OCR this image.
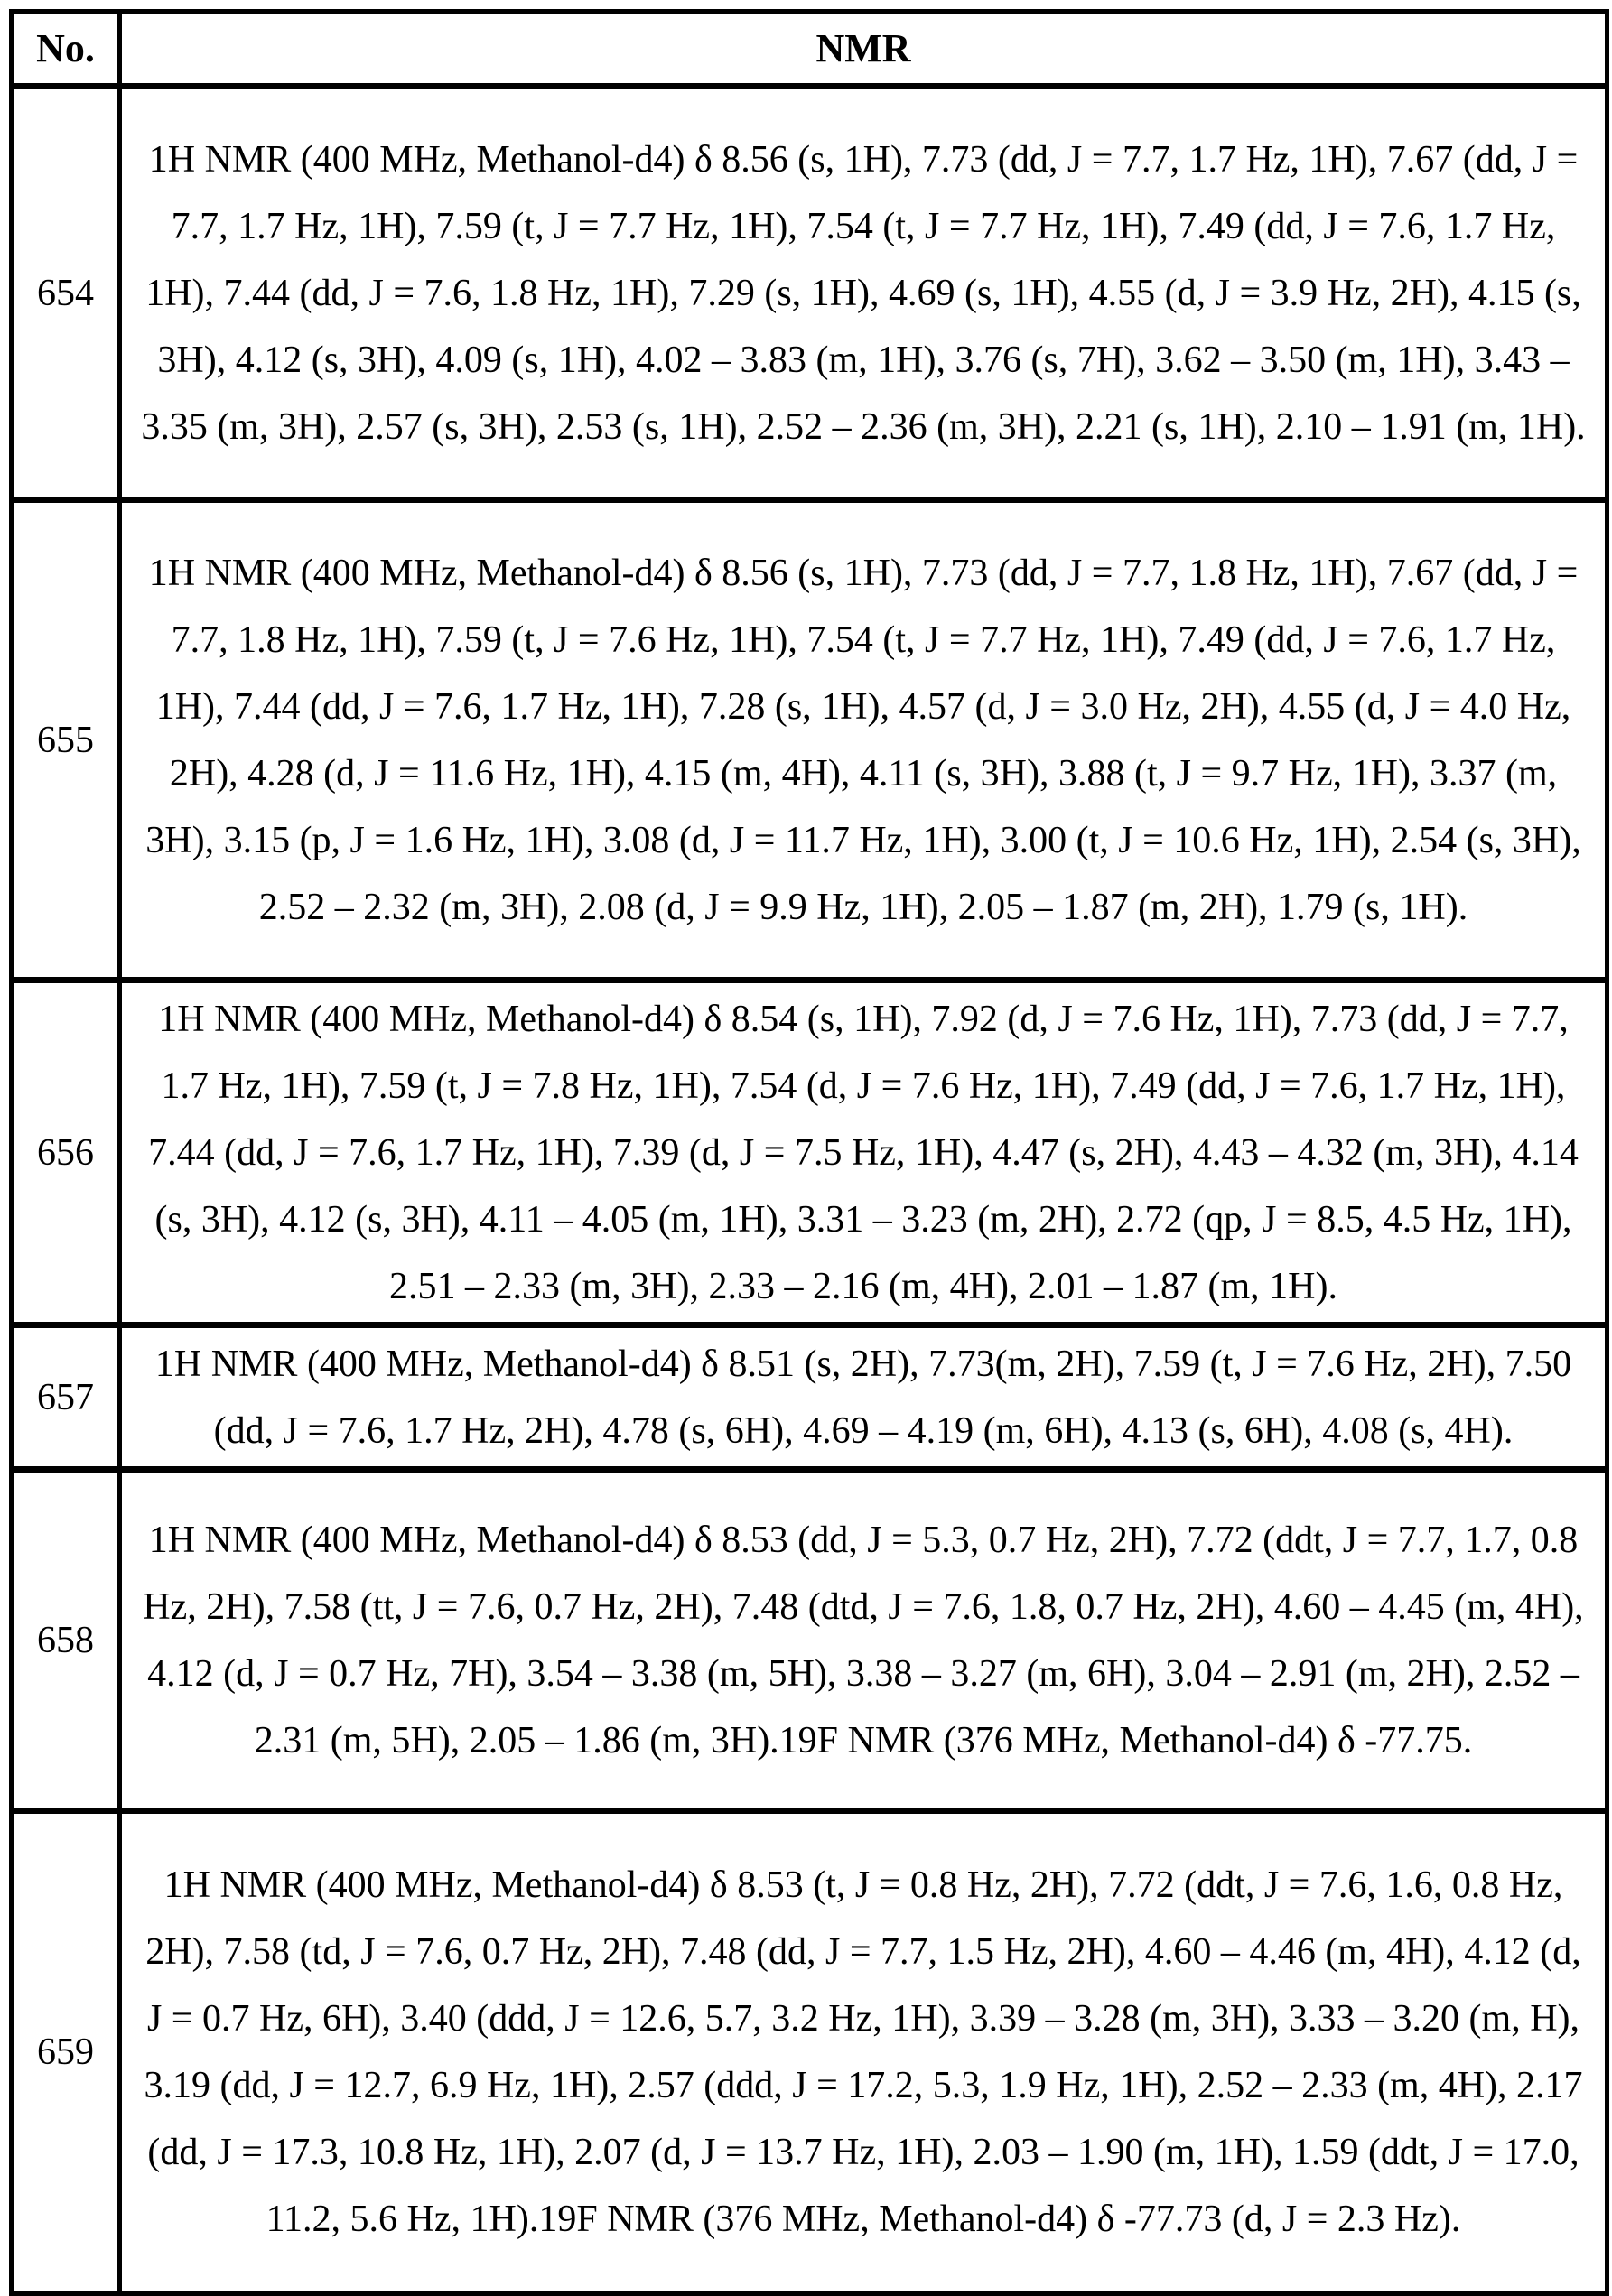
No.	NMR
654	1H NMR (400 MHz, Methanol-d4) δ 8.56 (s, 1H), 7.73 (dd, J = 7.7, 1.7 Hz, 1H), 7.67 (dd, J = 7.7, 1.7 Hz, 1H), 7.59 (t, J = 7.7 Hz, 1H), 7.54 (t, J = 7.7 Hz, 1H), 7.49 (dd, J = 7.6, 1.7 Hz, 1H), 7.44 (dd, J = 7.6, 1.8 Hz, 1H), 7.29 (s, 1H), 4.69 (s, 1H), 4.55 (d, J = 3.9 Hz, 2H), 4.15 (s, 3H), 4.12 (s, 3H), 4.09 (s, 1H), 4.02 – 3.83 (m, 1H), 3.76 (s, 7H), 3.62 – 3.50 (m, 1H), 3.43 – 3.35 (m, 3H), 2.57 (s, 3H), 2.53 (s, 1H), 2.52 – 2.36 (m, 3H), 2.21 (s, 1H), 2.10 – 1.91 (m, 1H).
655	1H NMR (400 MHz, Methanol-d4) δ 8.56 (s, 1H), 7.73 (dd, J = 7.7, 1.8 Hz, 1H), 7.67 (dd, J = 7.7, 1.8 Hz, 1H), 7.59 (t, J = 7.6 Hz, 1H), 7.54 (t, J = 7.7 Hz, 1H), 7.49 (dd, J = 7.6, 1.7 Hz, 1H), 7.44 (dd, J = 7.6, 1.7 Hz, 1H), 7.28 (s, 1H), 4.57 (d, J = 3.0 Hz, 2H), 4.55 (d, J = 4.0 Hz, 2H), 4.28 (d, J = 11.6 Hz, 1H), 4.15 (m, 4H), 4.11 (s, 3H), 3.88 (t, J = 9.7 Hz, 1H), 3.37 (m, 3H), 3.15 (p, J = 1.6 Hz, 1H), 3.08 (d, J = 11.7 Hz, 1H), 3.00 (t, J = 10.6 Hz, 1H), 2.54 (s, 3H), 2.52 – 2.32 (m, 3H), 2.08 (d, J = 9.9 Hz, 1H), 2.05 – 1.87 (m, 2H), 1.79 (s, 1H).
656	1H NMR (400 MHz, Methanol-d4) δ 8.54 (s, 1H), 7.92 (d, J = 7.6 Hz, 1H), 7.73 (dd, J = 7.7, 1.7 Hz, 1H), 7.59 (t, J = 7.8 Hz, 1H), 7.54 (d, J = 7.6 Hz, 1H), 7.49 (dd, J = 7.6, 1.7 Hz, 1H), 7.44 (dd, J = 7.6, 1.7 Hz, 1H), 7.39 (d, J = 7.5 Hz, 1H), 4.47 (s, 2H), 4.43 – 4.32 (m, 3H), 4.14 (s, 3H), 4.12 (s, 3H), 4.11 – 4.05 (m, 1H), 3.31 – 3.23 (m, 2H), 2.72 (qp, J = 8.5, 4.5 Hz, 1H), 2.51 – 2.33 (m, 3H), 2.33 – 2.16 (m, 4H), 2.01 – 1.87 (m, 1H).
657	1H NMR (400 MHz, Methanol-d4) δ 8.51 (s, 2H), 7.73(m, 2H), 7.59 (t, J = 7.6 Hz, 2H), 7.50 (dd, J = 7.6, 1.7 Hz, 2H), 4.78 (s, 6H), 4.69 – 4.19 (m, 6H), 4.13 (s, 6H), 4.08 (s, 4H).
658	1H NMR (400 MHz, Methanol-d4) δ 8.53 (dd, J = 5.3, 0.7 Hz, 2H), 7.72 (ddt, J = 7.7, 1.7, 0.8 Hz, 2H), 7.58 (tt, J = 7.6, 0.7 Hz, 2H), 7.48 (dtd, J = 7.6, 1.8, 0.7 Hz, 2H), 4.60 – 4.45 (m, 4H), 4.12 (d, J = 0.7 Hz, 7H), 3.54 – 3.38 (m, 5H), 3.38 – 3.27 (m, 6H), 3.04 – 2.91 (m, 2H), 2.52 – 2.31 (m, 5H), 2.05 – 1.86 (m, 3H).19F NMR (376 MHz, Methanol-d4) δ -77.75.
659	1H NMR (400 MHz, Methanol-d4) δ 8.53 (t, J = 0.8 Hz, 2H), 7.72 (ddt, J = 7.6, 1.6, 0.8 Hz, 2H), 7.58 (td, J = 7.6, 0.7 Hz, 2H), 7.48 (dd, J = 7.7, 1.5 Hz, 2H), 4.60 – 4.46 (m, 4H), 4.12 (d, J = 0.7 Hz, 6H), 3.40 (ddd, J = 12.6, 5.7, 3.2 Hz, 1H), 3.39 – 3.28 (m, 3H), 3.33 – 3.20 (m, H), 3.19 (dd, J = 12.7, 6.9 Hz, 1H), 2.57 (ddd, J = 17.2, 5.3, 1.9 Hz, 1H), 2.52 – 2.33 (m, 4H), 2.17 (dd, J = 17.3, 10.8 Hz, 1H), 2.07 (d, J = 13.7 Hz, 1H), 2.03 – 1.90 (m, 1H), 1.59 (ddt, J = 17.0, 11.2, 5.6 Hz, 1H).19F NMR (376 MHz, Methanol-d4) δ -77.73 (d, J = 2.3 Hz).
